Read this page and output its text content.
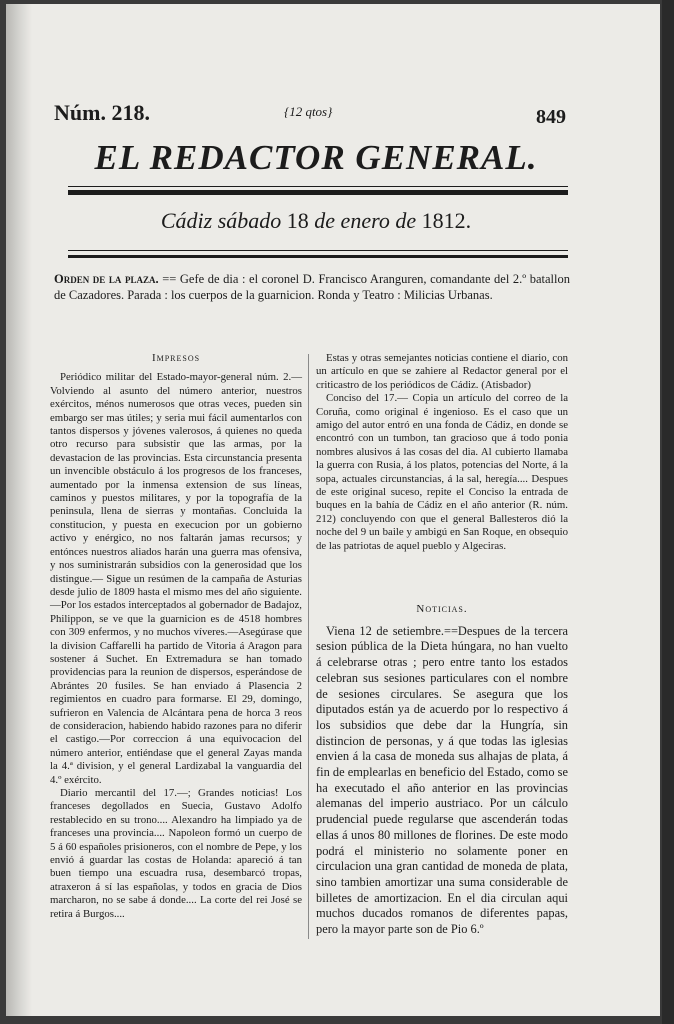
Núm. 218.	{12 qtos}	849
EL REDACTOR GENERAL.
Cádiz sábado 18 de enero de 1812.
Orden de la plaza. == Gefe de dia : el coronel D. Francisco Aranguren, comandante del 2.º batallon de Cazadores. Parada : los cuerpos de la guarnicion. Ronda y Teatro : Milicias Urbanas.

Impresos

Periódico militar del Estado-mayor-general núm. 2.—Volviendo al asunto del número anterior, nuestros exércitos, ménos numerosos que otras veces, pueden sin embargo ser mas útiles; y seria mui fácil aumentarlos con tantos dispersos y jóvenes valerosos, á quienes no queda otro recurso para subsistir que las armas, por la devastacion de las provincias. Esta circunstancia presenta un invencible obstáculo á los progresos de los franceses, aumentado por la inmensa extension de sus líneas, caminos y puestos militares, y por la topografía de la peninsula, llena de sierras y montañas. Concluida la constitucion, y puesta en execucion por un gobierno activo y enérgico, no nos faltarán jamas recursos; y entónces nuestros aliados harán una guerra mas ofensiva, y nos suministrarán subsidios con la generosidad que los distingue.— Sigue un resúmen de la campaña de Asturias desde julio de 1809 hasta el mismo mes del año siguiente.—Por los estados interceptados al gobernador de Badajoz, Philippon, se ve que la guarnicion es de 4518 hombres con 309 enfermos, y no muchos víveres.—Asegúrase que la division Caffarelli ha partido de Vitoria á Aragon para sostener á Suchet. En Extremadura se han tomado providencias para la reunion de dispersos, esperándose de Abrántes 20 fusiles. Se han enviado á Plasencia 2 regimientos en cuadro para formarse. El 29, domingo, sufrieron en Valencia de Alcántara pena de horca 3 reos de consideracion, habiendo habido razones para no diferir el castigo.—Por correccion á una equivocacion del número anterior, entiéndase que el general Zayas manda la 4.ª division, y el general Lardizabal la vanguardia del 4.º exército.

Diario mercantil del 17.—; Grandes noticias! Los franceses degollados en Suecia, Gustavo Adolfo restablecido en su trono.... Alexandro ha limpiado ya de franceses una provincia.... Napoleon formó un cuerpo de 5 á 60 españoles prisioneros, con el nombre de Pepe, y los envió á guardar las costas de Holanda: apareció á tan buen tiempo una escuadra rusa, desembarcó tropas, atraxeron á sí las españolas, y todos en gracia de Dios marcharon, no se sabe á donde.... La corte del rei José se retira á Burgos....

Estas y otras semejantes noticias contiene el diario, con un artículo en que se zahiere al Redactor general por el criticastro de los periódicos de Cádiz. (Atisbador)

Conciso del 17.— Copia un artículo del correo de la Coruña, como original é ingenioso. Es el caso que un amigo del autor entró en una fonda de Cádiz, en donde se encontró con un tumbon, tan gracioso que á todo ponia nombres alusivos á las cosas del dia. Al cubierto llamaba la guerra con Rusia, á los platos, potencias del Norte, á la sopa, actuales circunstancias, á la sal, heregía.... Despues de este original suceso, repite el Conciso la entrada de buques en la bahía de Cádiz en el año anterior (R. núm. 212) concluyendo con que el general Ballesteros dió la noche del 9 un baile y ambigú en San Roque, en obsequio de las patriotas de aquel pueblo y Algeciras.

Noticias.

Viena 12 de setiembre.==Despues de la tercera sesion pública de la Dieta húngara, no han vuelto á celebrarse otras ; pero entre tanto los estados celebran sus sesiones particulares con el nombre de sesiones circulares. Se asegura que los diputados están ya de acuerdo por lo respectivo á los subsidios que debe dar la Hungría, sin distincion de personas, y á que todas las iglesias envien á la casa de moneda sus alhajas de plata, á fin de emplearlas en beneficio del Estado, como se ha executado el año anterior en las provincias alemanas del imperio austriaco. Por un cálculo prudencial puede regularse que ascenderán todas ellas á unos 80 millones de florines. De este modo podrá el ministerio no solamente poner en circulacion una gran cantidad de moneda de plata, sino tambien amortizar una suma considerable de billetes de amortizacion. En el dia circulan aqui muchos ducados romanos de diferentes papas, pero la mayor parte son de Pio 6.º
